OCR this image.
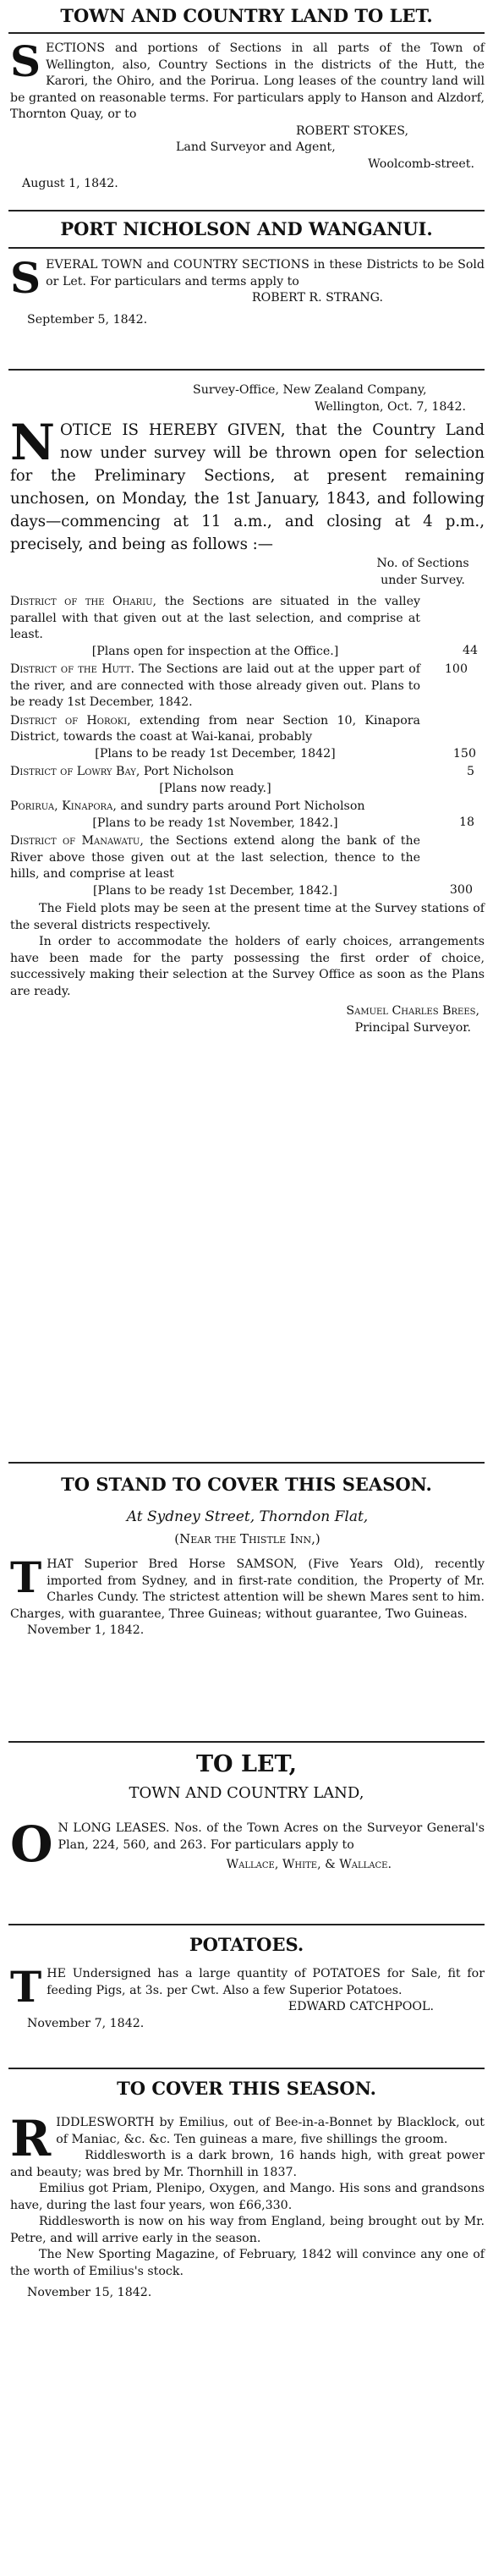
TOWN AND COUNTRY LAND TO LET.
SECTIONS and portions of Sections in all parts of the Town of Wellington, also, Country Sections in the districts of the Hutt, the Karori, the Ohiro, and the Porirua. Long leases of the country land will be granted on reasonable terms. For particulars apply to Hanson and Alzdorf, Thornton Quay, or to
ROBERT STOKES,
Land Surveyor and Agent,
Woolcomb-street.
August 1, 1842.
PORT NICHOLSON AND WANGANUI.
SEVERAL TOWN and COUNTRY SECTIONS in these Districts to be Sold or Let. For particulars and terms apply to
ROBERT R. STRANG.
September 5, 1842.
Survey-Office, New Zealand Company,
Wellington, Oct. 7, 1842.
NOTICE IS HEREBY GIVEN, that the Country Land now under survey will be thrown open for selection for the Preliminary Sections, at present remaining unchosen, on Monday, the 1st January, 1843, and following days—commencing at 11 a.m., and closing at 4 p.m., precisely, and being as follows :—
No. of Sections under Survey.
District of the Ohariu, the Sections are situated in the valley parallel with that given out at the last selection, and comprise at least.
[Plans open for inspection at the Office.]	44
District of the Hutt. The Sections are laid out at the upper part of the river, and are connected with those already given out. Plans to be ready 1st December, 1842.
100
District of Horoki, extending from near Section 10, Kinapora District, towards the coast at Wai-kanai, probably
[Plans to be ready 1st December, 1842]	150
District of Lowry Bay, Port Nicholson
[Plans now ready.]
5
Porirua, Kinapora, and sundry parts around Port Nicholson
[Plans to be ready 1st November, 1842.]	18
District of Manawatu, the Sections extend along the bank of the River above those given out at the last selection, thence to the hills, and comprise at least
[Plans to be ready 1st December, 1842.]	300
The Field plots may be seen at the present time at the Survey stations of the several districts respectively.
In order to accommodate the holders of early choices, arrangements have been made for the party possessing the first order of choice, successively making their selection at the Survey Office as soon as the Plans are ready.
Samuel Charles Brees,
Principal Surveyor.
TO STAND TO COVER THIS SEASON.
At Sydney Street, Thorndon Flat,
(Near the Thistle Inn,)
THAT Superior Bred Horse SAMSON, (Five Years Old), recently imported from Sydney, and in first-rate condition, the Property of Mr. Charles Cundy. The strictest attention will be shewn Mares sent to him. Charges, with guarantee, Three Guineas; without guarantee, Two Guineas.
November 1, 1842.
TO LET,
TOWN AND COUNTRY LAND,
O N LONG LEASES. Nos. of the Town Acres on the Surveyor General's Plan, 224, 560, and 263. For particulars apply to
Wallace, White, & Wallace.
POTATOES.
THE Undersigned has a large quantity of POTATOES for Sale, fit for feeding Pigs, at 3s. per Cwt. Also a few Superior Potatoes.
EDWARD CATCHPOOL.
November 7, 1842.
TO COVER THIS SEASON.
RIDDLESWORTH by Emilius, out of Bee-in-a-Bonnet by Blacklock, out of Maniac, &c. &c. Ten guineas a mare, five shillings the groom.
Riddlesworth is a dark brown, 16 hands high, with great power and beauty; was bred by Mr. Thornhill in 1837.
Emilius got Priam, Plenipo, Oxygen, and Mango. His sons and grandsons have, during the last four years, won £66,330.
Riddlesworth is now on his way from England, being brought out by Mr. Petre, and will arrive early in the season.
The New Sporting Magazine, of February, 1842 will convince any one of the worth of Emilius's stock.
November 15, 1842.
